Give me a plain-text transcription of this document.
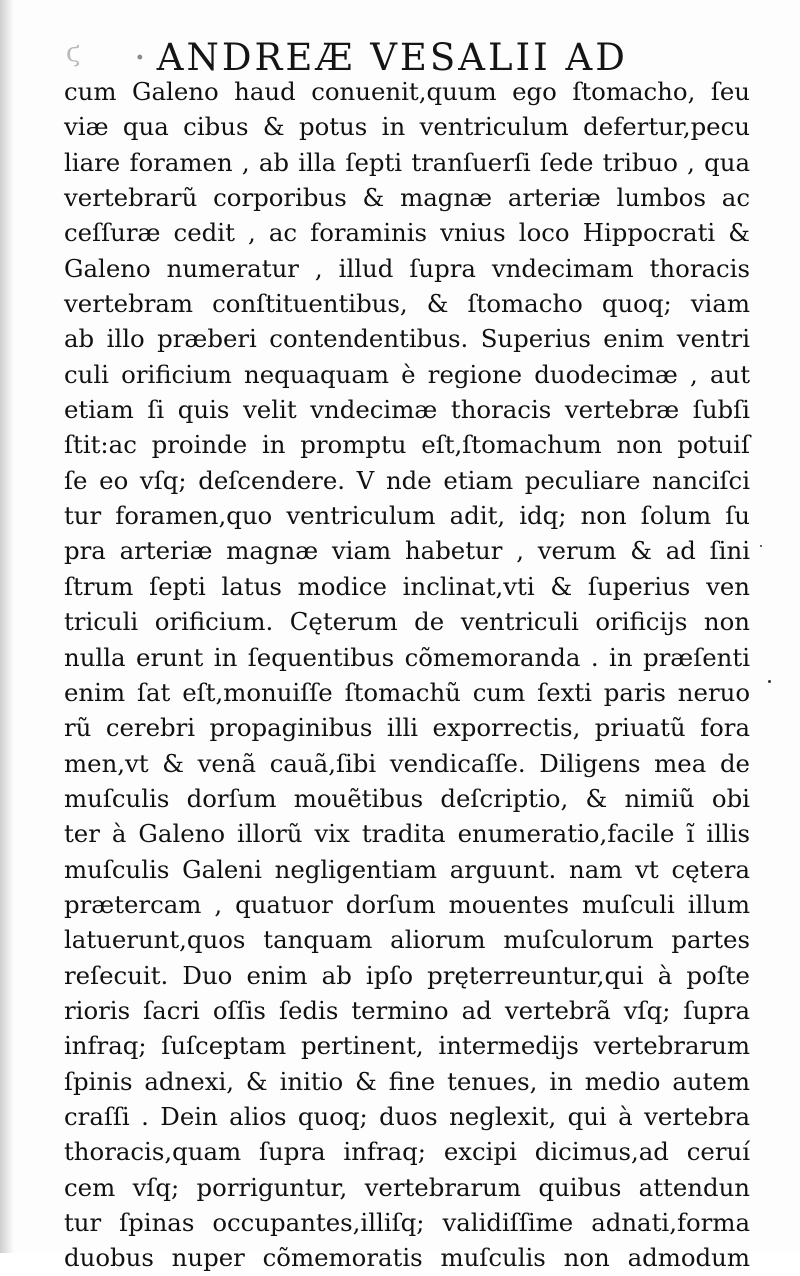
ϛ · ANDREÆ VESALII AD
cum Galeno haud conuenit,quum ego ſtomacho, ſeu
viæ qua cibus & potus in ventriculum defertur,pecu
liare foramen , ab illa ſepti tranſuerſi ſede tribuo , qua
vertebrarũ corporibus & magnæ arteriæ lumbos ac
ceſſuræ cedit , ac foraminis vnius loco Hippocrati &
Galeno numeratur , illud ſupra vndecimam thoracis
vertebram conſtituentibus, & ſtomacho quoq; viam
ab illo præberi contendentibus. Superius enim ventri
culi orificium nequaquam è regione duodecimæ , aut
etiam ſi quis velit vndecimæ thoracis vertebræ ſubſi
ſtit:ac proinde in promptu eſt,ſtomachum non potuiſ
ſe eo vſq; deſcendere. V nde etiam peculiare nanciſci
tur foramen,quo ventriculum adit, idq; non ſolum ſu
pra arteriæ magnæ viam habetur , verum & ad ſini
ſtrum ſepti latus modice inclinat,vti & ſuperius ven
triculi orificium. Cęterum de ventriculi orificijs non
nulla erunt in ſequentibus cõmemoranda . in præſenti
enim ſat eſt,monuiſſe ſtomachũ cum ſexti paris neruo
rũ cerebri propaginibus illi exporrectis, priuatũ fora
men,vt & venã cauã,ſibi vendicaſſe. Diligens mea de
muſculis dorſum mouẽtibus deſcriptio, & nimiũ obi
ter à Galeno illorũ vix tradita enumeratio,facile ĩ illis
muſculis Galeni negligentiam arguunt. nam vt cętera
prætercam , quatuor dorſum mouentes muſculi illum
latuerunt,quos tanquam aliorum muſculorum partes
reſecuit. Duo enim ab ipſo pręterreuntur,qui à poſte
rioris ſacri oſſis ſedis termino ad vertebrã vſq; ſupra
infraq; ſuſceptam pertinent, intermedijs vertebrarum
ſpinis adnexi, & initio & fine tenues, in medio autem
craſſi . Dein alios quoq; duos neglexit, qui à vertebra
thoracis,quam ſupra infraq; excipi dicimus,ad ceruí
cem vſq; porriguntur, vertebrarum quibus attendun
tur ſpinas occupantes,illiſq; validiſſime adnati,forma
duobus nuper cõmemoratis muſculis non admodum
